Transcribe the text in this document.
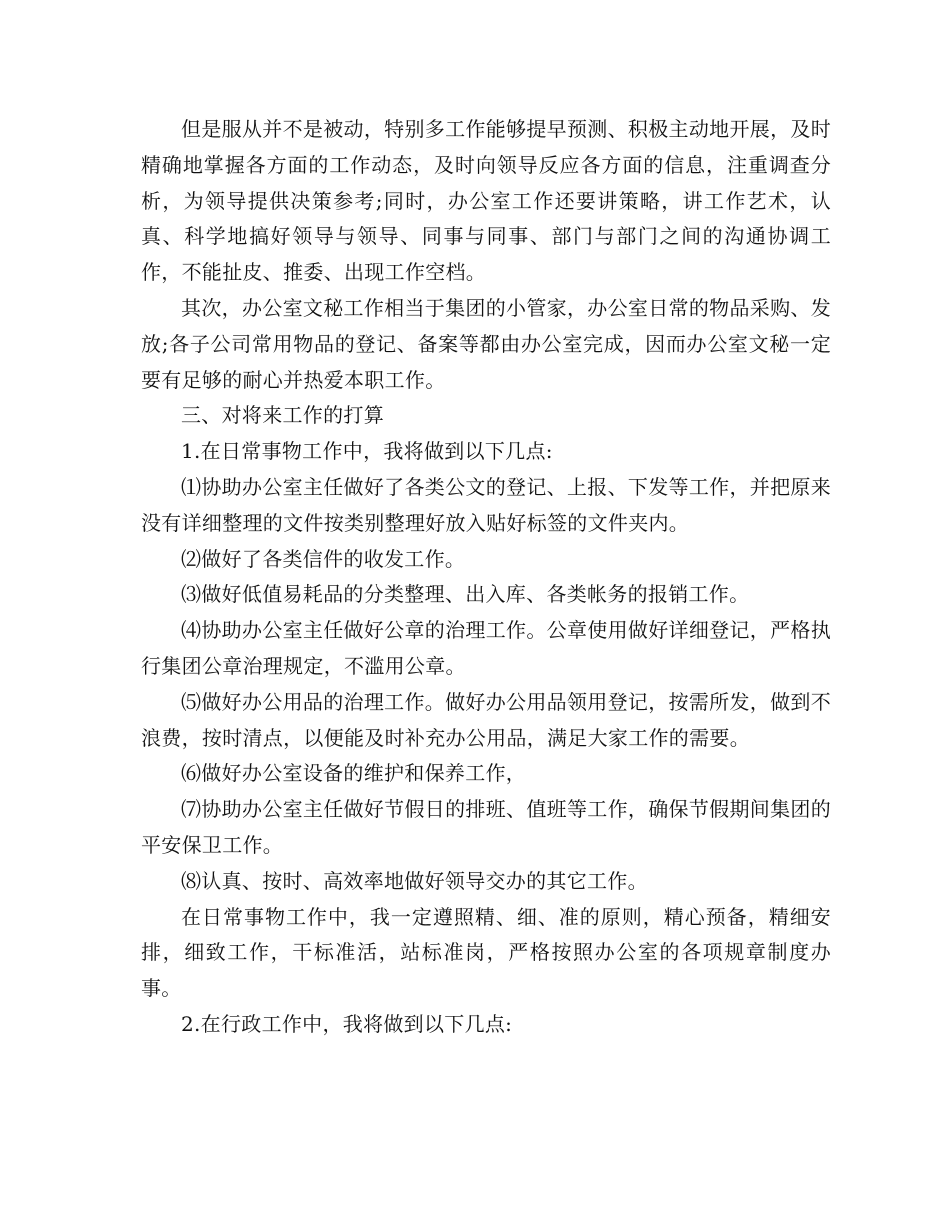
但是服从并不是被动，特别多工作能够提早预测、积极主动地开展，及时精确地掌握各方面的工作动态，及时向领导反应各方面的信息，注重调查分析，为领导提供决策参考;同时，办公室工作还要讲策略，讲工作艺术，认真、科学地搞好领导与领导、同事与同事、部门与部门之间的沟通协调工作，不能扯皮、推委、出现工作空档。

其次，办公室文秘工作相当于集团的小管家，办公室日常的物品采购、发放;各子公司常用物品的登记、备案等都由办公室完成，因而办公室文秘一定要有足够的耐心并热爱本职工作。

三、对将来工作的打算

1.在日常事物工作中，我将做到以下几点:

⑴协助办公室主任做好了各类公文的登记、上报、下发等工作，并把原来没有详细整理的文件按类别整理好放入贴好标签的文件夹内。

⑵做好了各类信件的收发工作。

⑶做好低值易耗品的分类整理、出入库、各类帐务的报销工作。

⑷协助办公室主任做好公章的治理工作。公章使用做好详细登记，严格执行集团公章治理规定，不滥用公章。

⑸做好办公用品的治理工作。做好办公用品领用登记，按需所发，做到不浪费，按时清点，以便能及时补充办公用品，满足大家工作的需要。

⑹做好办公室设备的维护和保养工作，

⑺协助办公室主任做好节假日的排班、值班等工作，确保节假期间集团的平安保卫工作。

⑻认真、按时、高效率地做好领导交办的其它工作。

在日常事物工作中，我一定遵照精、细、准的原则，精心预备，精细安排，细致工作，干标准活，站标准岗，严格按照办公室的各项规章制度办事。

2.在行政工作中，我将做到以下几点:
